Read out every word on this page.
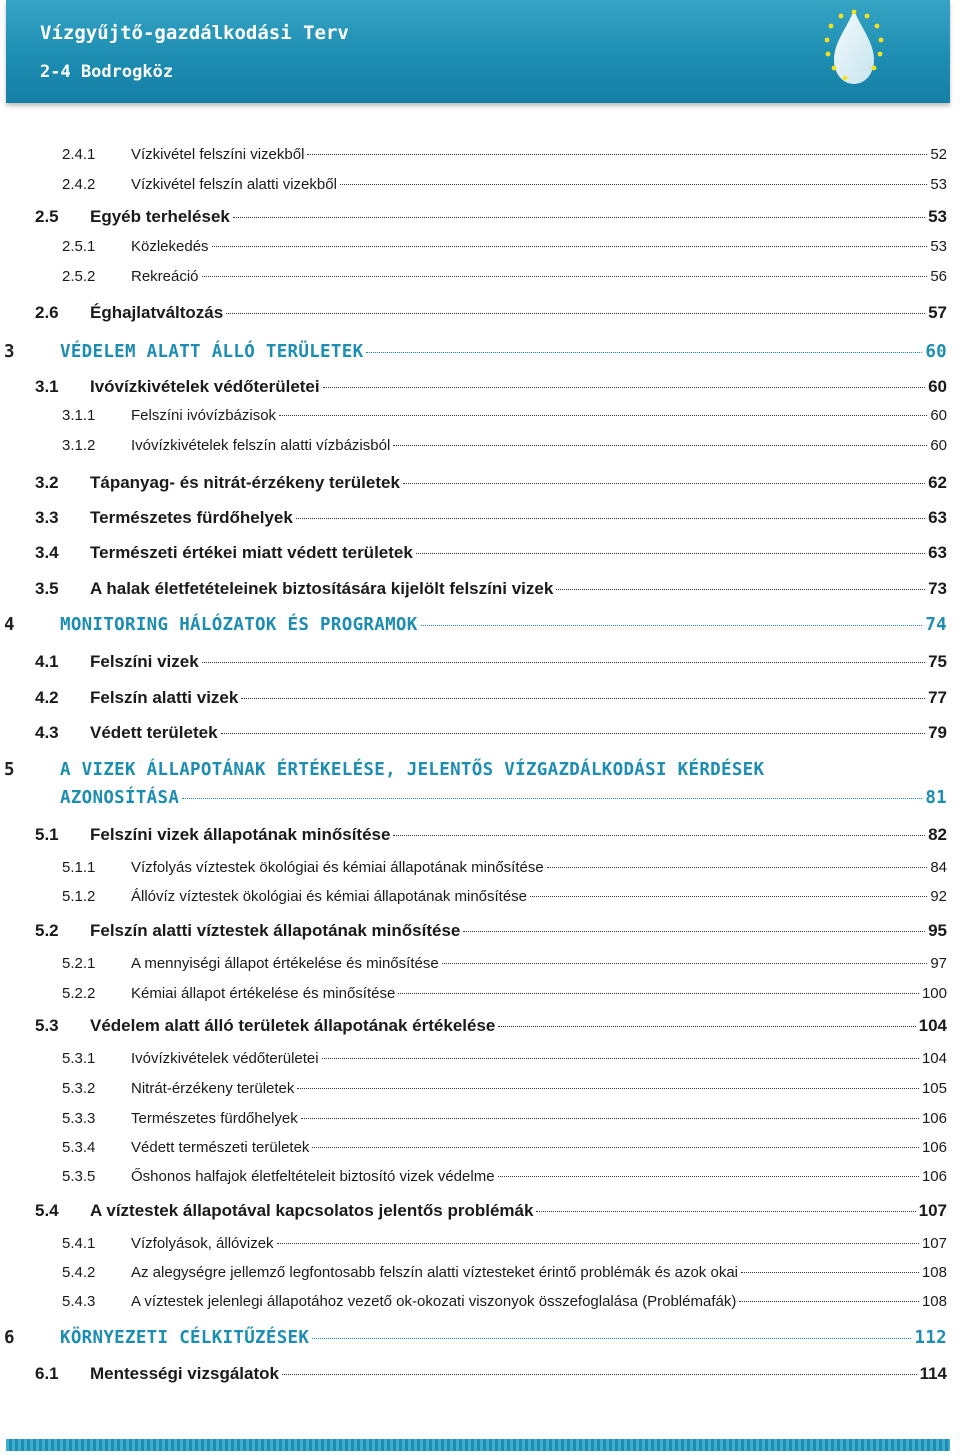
Vízgyűjtő-gazdálkodási Terv
2-4 Bodrogköz
2.4.1	Vízkivétel felszíni vizekből	52
2.4.2	Vízkivétel felszín alatti vizekből	53
2.5	Egyéb terhelések	53
2.5.1	Közlekedés	53
2.5.2	Rekreáció	56
2.6	Éghajlatváltozás	57
3	VÉDELEM ALATT ÁLLÓ TERÜLETEK	60
3.1	Ivóvízkivételek védőterületei	60
3.1.1	Felszíni ivóvízbázisok	60
3.1.2	Ivóvízkivételek felszín alatti vízbázisból	60
3.2	Tápanyag- és nitrát-érzékeny területek	62
3.3	Természetes fürdőhelyek	63
3.4	Természeti értékei miatt védett területek	63
3.5	A halak életfetételeinek biztosítására kijelölt felszíni vizek	73
4	MONITORING HÁLÓZATOK ÉS PROGRAMOK	74
4.1	Felszíni vizek	75
4.2	Felszín alatti vizek	77
4.3	Védett területek	79
5	A VIZEK ÁLLAPOTÁNAK ÉRTÉKELÉSE, JELENTŐS VÍZGAZDÁLKODÁSI KÉRDÉSEK
AZONOSÍTÁSA	81
5.1	Felszíni vizek állapotának minősítése	82
5.1.1	Vízfolyás víztestek ökológiai és kémiai állapotának minősítése	84
5.1.2	Állóvíz víztestek ökológiai és kémiai állapotának minősítése	92
5.2	Felszín alatti víztestek állapotának minősítése	95
5.2.1	A mennyiségi állapot értékelése és minősítése	97
5.2.2	Kémiai állapot értékelése és minősítése	100
5.3	Védelem alatt álló területek állapotának értékelése	104
5.3.1	Ivóvízkivételek védőterületei	104
5.3.2	Nitrát-érzékeny területek	105
5.3.3	Természetes fürdőhelyek	106
5.3.4	Védett természeti területek	106
5.3.5	Őshonos halfajok életfeltételeit biztosító vizek védelme	106
5.4	A víztestek állapotával kapcsolatos jelentős problémák	107
5.4.1	Vízfolyások, állóvizek	107
5.4.2	Az alegységre jellemző legfontosabb felszín alatti víztesteket érintő problémák és azok okai	108
5.4.3	A víztestek jelenlegi állapotához vezető ok-okozati viszonyok összefoglalása (Problémafák)	108
6	KÖRNYEZETI CÉLKITŰZÉSEK	112
6.1	Mentességi vizsgálatok	114
